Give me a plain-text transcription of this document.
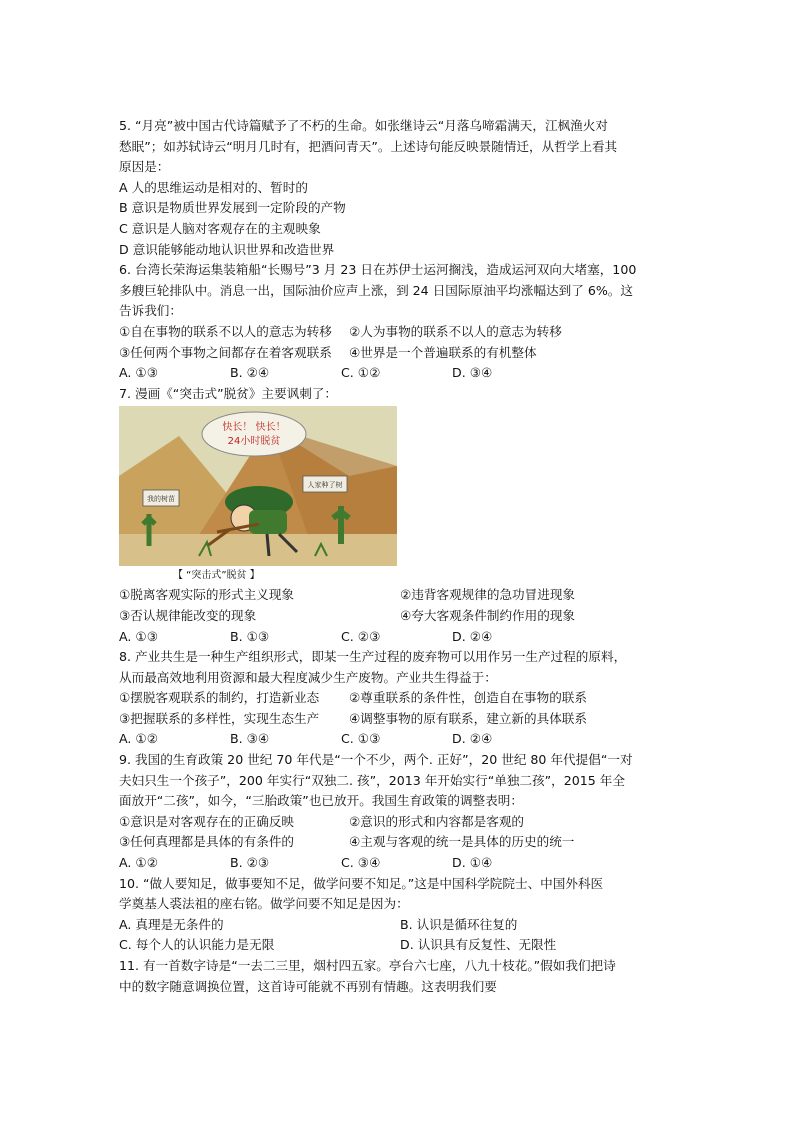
5. “月亮”被中国古代诗篇赋予了不朽的生命。如张继诗云“月落乌啼霜满天，江枫渔火对

愁眠”；如苏轼诗云“明月几时有，把酒问青天”。上述诗句能反映景随情迁，从哲学上看其

原因是：

A 人的思维运动是相对的、暂时的

B 意识是物质世界发展到一定阶段的产物

C 意识是人脑对客观存在的主观映象

D 意识能够能动地认识世界和改造世界

6. 台湾长荣海运集装箱船“长赐号”3 月 23 日在苏伊士运河搁浅，造成运河双向大堵塞，100

多艘巨轮排队中。消息一出，国际油价应声上涨，到 24 日国际原油平均涨幅达到了 6%。这

告诉我们：

①自在事物的联系不以人的意志为转移	②人为事物的联系不以人的意志为转移
③任何两个事物之间都存在着客观联系	④世界是一个普遍联系的有机整体
A. ①③	B. ②④	C. ①②	D. ③④

7. 漫画《“突击式”脱贫》主要讽刺了：

快长！ 快长！
24小时脱贫
我的树苗
人家种了树

【 “突击式”脱贫 】

①脱离客观实际的形式主义现象	②违背客观规律的急功冒进现象
③否认规律能改变的现象	④夸大客观条件制约作用的现象
A. ①③	B. ①③	C. ②③	D. ②④

8. 产业共生是一种生产组织形式，即某一生产过程的废弃物可以用作另一生产过程的原料，

从而最高效地利用资源和最大程度减少生产废物。产业共生得益于：

①摆脱客观联系的制约，打造新业态	②尊重联系的条件性，创造自在事物的联系
③把握联系的多样性，实现生态生产	④调整事物的原有联系，建立新的具体联系
A. ①②	B. ③④	C. ①③	D. ②④

9. 我国的生育政策 20 世纪 70 年代是“一个不少，两个. 正好”，20 世纪 80 年代提倡“一对

夫妇只生一个孩子”，200 年实行“双独二. 孩”，2013 年开始实行“单独二孩”，2015 年全

面放开“二孩”，如今，“三胎政策”也已放开。我国生育政策的调整表明：

①意识是对客观存在的正确反映	②意识的形式和内容都是客观的
③任何真理都是具体的有条件的	④主观与客观的统一是具体的历史的统一
A. ①②	B. ②③	C. ③④	D. ①④

10. “做人要知足，做事要知不足，做学问要不知足。”这是中国科学院院士、中国外科医

学奠基人裘法祖的座右铭。做学问要不知足是因为：

A. 真理是无条件的	B. 认识是循环往复的
C. 每个人的认识能力是无限	D. 认识具有反复性、无限性

11. 有一首数字诗是“一去二三里，烟村四五家。亭台六七座，八九十枝花。”假如我们把诗

中的数字随意调换位置，这首诗可能就不再别有情趣。这表明我们要
